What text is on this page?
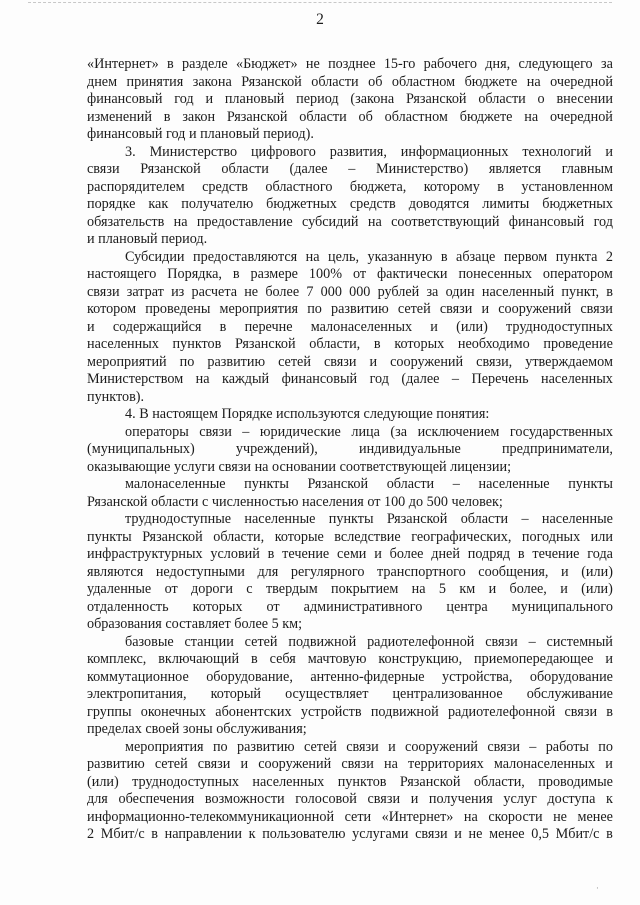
2
«Интернет» в разделе «Бюджет» не позднее 15-го рабочего дня, следующего за
днем принятия закона Рязанской области об областном бюджете на очередной
финансовый год и плановый период (закона Рязанской области о внесении
изменений в закон Рязанской области об областном бюджете на очередной
финансовый год и плановый период).
3. Министерство цифрового развития, информационных технологий и
связи Рязанской области (далее – Министерство) является главным
распорядителем средств областного бюджета, которому в установленном
порядке как получателю бюджетных средств доводятся лимиты бюджетных
обязательств на предоставление субсидий на соответствующий финансовый год
и плановый период.
Субсидии предоставляются на цель, указанную в абзаце первом пункта 2
настоящего Порядка, в размере 100% от фактически понесенных оператором
связи затрат из расчета не более 7 000 000 рублей за один населенный пункт, в
котором проведены мероприятия по развитию сетей связи и сооружений связи
и содержащийся в перечне малонаселенных и (или) труднодоступных
населенных пунктов Рязанской области, в которых необходимо проведение
мероприятий по развитию сетей связи и сооружений связи, утверждаемом
Министерством на каждый финансовый год (далее – Перечень населенных
пунктов).
4. В настоящем Порядке используются следующие понятия:
операторы связи – юридические лица (за исключением государственных
(муниципальных)	учреждений),	индивидуальные	предприниматели,
оказывающие услуги связи на основании соответствующей лицензии;
малонаселенные пункты Рязанской области – населенные пункты
Рязанской области с численностью населения от 100 до 500 человек;
труднодоступные населенные пункты Рязанской области – населенные
пункты Рязанской области, которые вследствие географических, погодных или
инфраструктурных условий в течение семи и более дней подряд в течение года
являются недоступными для регулярного транспортного сообщения, и (или)
удаленные от дороги с твердым покрытием на 5 км и более, и (или)
отдаленность которых от административного центра муниципального
образования составляет более 5 км;
базовые станции сетей подвижной радиотелефонной связи – системный
комплекс, включающий в себя мачтовую конструкцию, приемопередающее и
коммутационное оборудование, антенно-фидерные устройства, оборудование
электропитания, который осуществляет централизованное обслуживание
группы оконечных абонентских устройств подвижной радиотелефонной связи в
пределах своей зоны обслуживания;
мероприятия по развитию сетей связи и сооружений связи – работы по
развитию сетей связи и сооружений связи на территориях малонаселенных и
(или) труднодоступных населенных пунктов Рязанской области, проводимые
для обеспечения возможности голосовой связи и получения услуг доступа к
информационно-телекоммуникационной сети «Интернет» на скорости не менее
2 Мбит/с в направлении к пользователю услугами связи и не менее 0,5 Мбит/с в
·
